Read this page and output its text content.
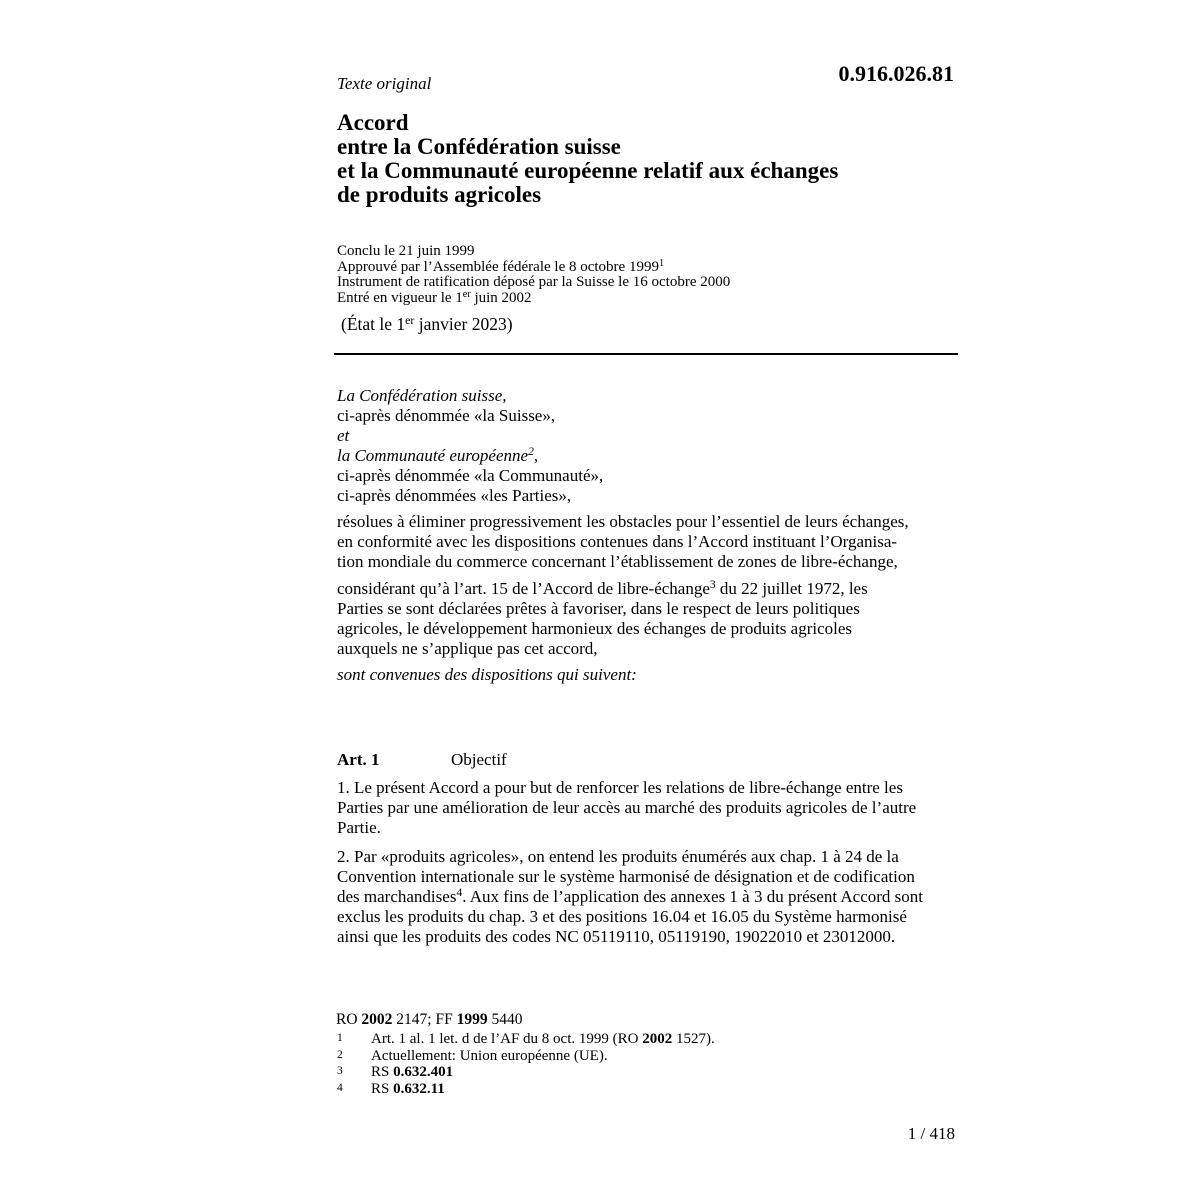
Texte original	0.916.026.81
Accord
entre la Confédération suisse
et la Communauté européenne relatif aux échanges
de produits agricoles
Conclu le 21 juin 1999
Approuvé par l’Assemblée fédérale le 8 octobre 1999$^1$
Instrument de ratification déposé par la Suisse le 16 octobre 2000
Entré en vigueur le 1er juin 2002
(État le 1er janvier 2023)
La Confédération suisse,
ci-après dénommée «la Suisse»,
et
la Communauté européenne$^2$,
ci-après dénommée «la Communauté»,
ci-après dénommées «les Parties»,
résolues à éliminer progressivement les obstacles pour l’essentiel de leurs échanges,
en conformité avec les dispositions contenues dans l’Accord instituant l’Organisa-
tion mondiale du commerce concernant l’établissement de zones de libre-échange,
considérant qu’à l’art. 15 de l’Accord de libre-échange$^3$ du 22 juillet 1972, les
Parties se sont déclarées prêtes à favoriser, dans le respect de leurs politiques
agricoles, le développement harmonieux des échanges de produits agricoles
auxquels ne s’applique pas cet accord,
sont convenues des dispositions qui suivent:
Art. 1	Objectif
1. Le présent Accord a pour but de renforcer les relations de libre-échange entre les
Parties par une amélioration de leur accès au marché des produits agricoles de l’autre
Partie.
2. Par «produits agricoles», on entend les produits énumérés aux chap. 1 à 24 de la
Convention internationale sur le système harmonisé de désignation et de codification
des marchandises$^4$. Aux fins de l’application des annexes 1 à 3 du présent Accord sont
exclus les produits du chap. 3 et des positions 16.04 et 16.05 du Système harmonisé
ainsi que les produits des codes NC 05119110, 05119190, 19022010 et 23012000.
RO 2002 2147; FF 1999 5440
1 Art. 1 al. 1 let. d de l’AF du 8 oct. 1999 (RO 2002 1527).
2 Actuellement: Union européenne (UE).
3 RS 0.632.401
4 RS 0.632.11
1 / 418
